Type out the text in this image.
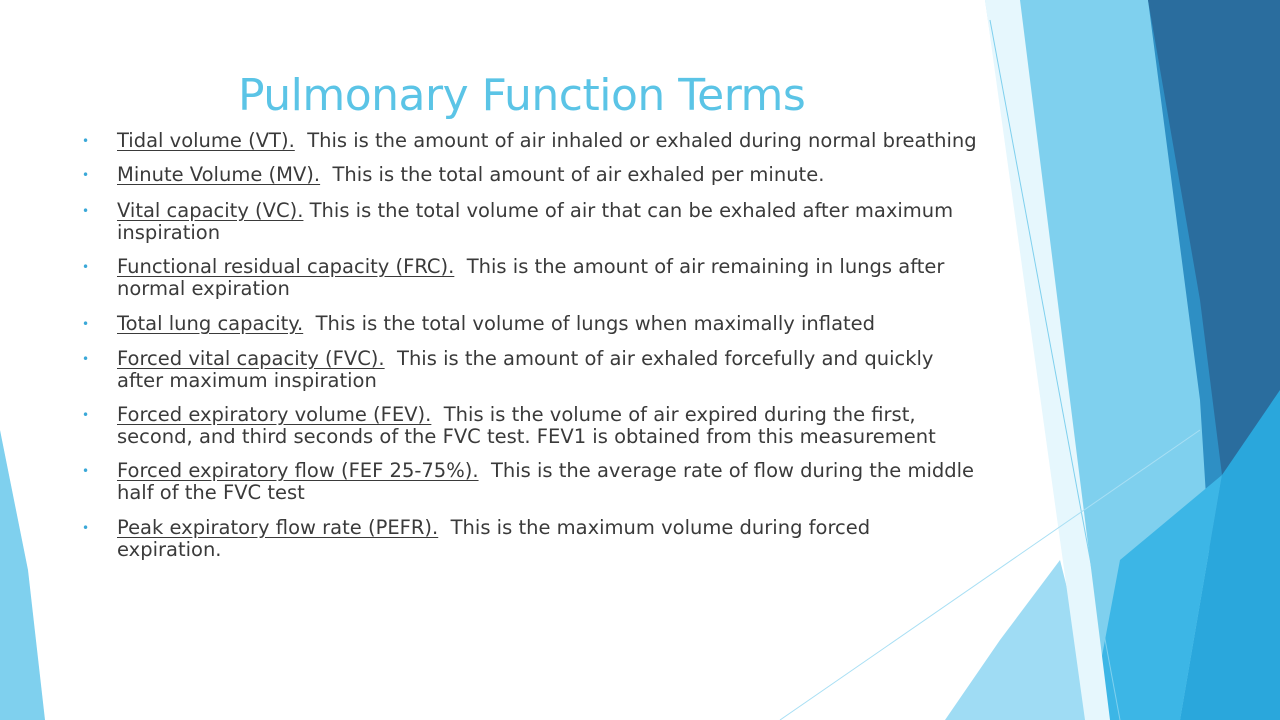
Pulmonary Function Terms
• Tidal volume (VT). This is the amount of air inhaled or exhaled during normal breathing
• Minute Volume (MV). This is the total amount of air exhaled per minute.
• Vital capacity (VC). This is the total volume of air that can be exhaled after maximum inspiration
• Functional residual capacity (FRC). This is the amount of air remaining in lungs after normal expiration
• Total lung capacity. This is the total volume of lungs when maximally inflated
• Forced vital capacity (FVC). This is the amount of air exhaled forcefully and quickly after maximum inspiration
• Forced expiratory volume (FEV). This is the volume of air expired during the first, second, and third seconds of the FVC test. FEV1 is obtained from this measurement
• Forced expiratory flow (FEF 25-75%). This is the average rate of flow during the middle half of the FVC test
• Peak expiratory flow rate (PEFR). This is the maximum volume during forced expiration.
